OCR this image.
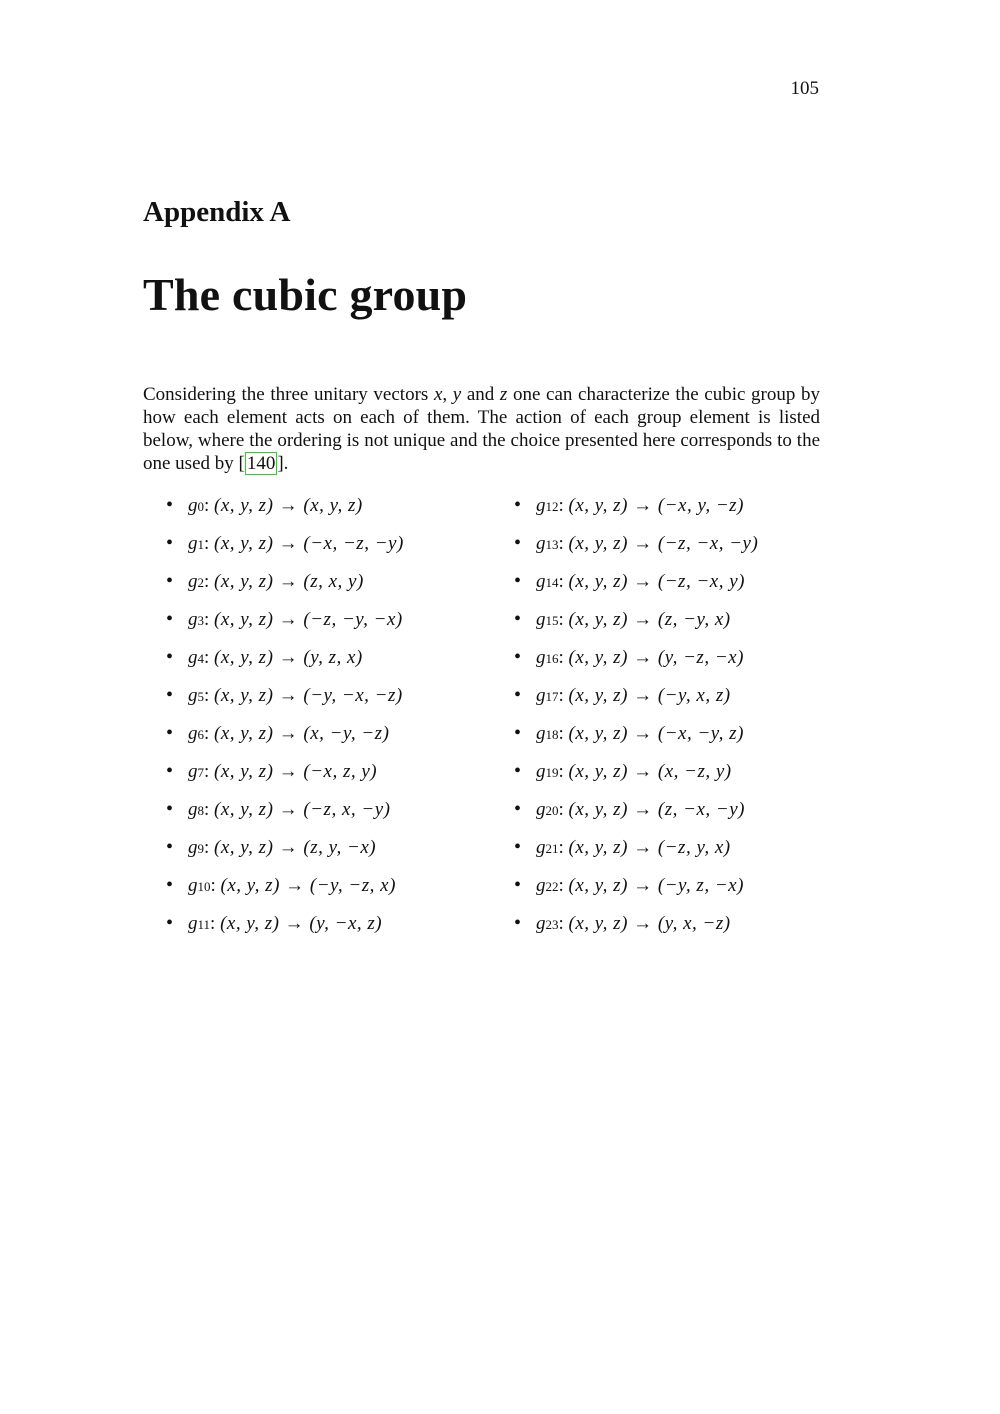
105
Appendix A
The cubic group

Considering the three unitary vectors x, y and z one can characterize the cubic group by how each element acts on each of them. The action of each group element is listed below, where the ordering is not unique and the choice presented here corresponds to the one used by [ 140 ].

• g 0 : (x, y, z) → (x, y, z)
• g 1 : (x, y, z) → (−x, −z, −y)
• g 2 : (x, y, z) → (z, x, y)
• g 3 : (x, y, z) → (−z, −y, −x)
• g 4 : (x, y, z) → (y, z, x)
• g 5 : (x, y, z) → (−y, −x, −z)
• g 6 : (x, y, z) → (x, −y, −z)
• g 7 : (x, y, z) → (−x, z, y)
• g 8 : (x, y, z) → (−z, x, −y)
• g 9 : (x, y, z) → (z, y, −x)
• g 10 : (x, y, z) → (−y, −z, x)
• g 11 : (x, y, z) → (y, −x, z)
• g 12 : (x, y, z) → (−x, y, −z)
• g 13 : (x, y, z) → (−z, −x, −y)
• g 14 : (x, y, z) → (−z, −x, y)
• g 15 : (x, y, z) → (z, −y, x)
• g 16 : (x, y, z) → (y, −z, −x)
• g 17 : (x, y, z) → (−y, x, z)
• g 18 : (x, y, z) → (−x, −y, z)
• g 19 : (x, y, z) → (x, −z, y)
• g 20 : (x, y, z) → (z, −x, −y)
• g 21 : (x, y, z) → (−z, y, x)
• g 22 : (x, y, z) → (−y, z, −x)
• g 23 : (x, y, z) → (y, x, −z)
